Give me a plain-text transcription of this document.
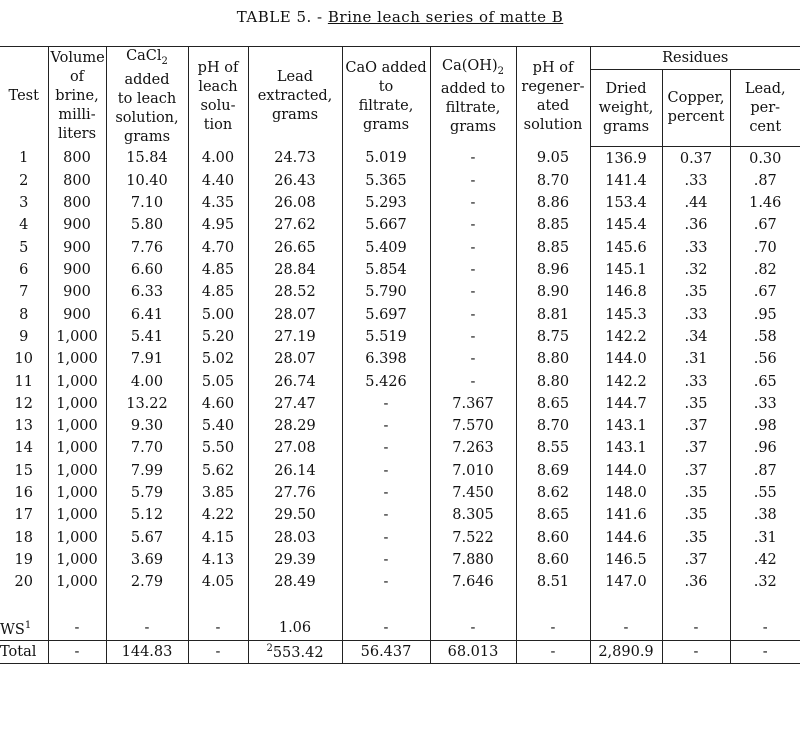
TABLE 5. - Brine leach series of matte B
Test	Volume
of
brine,
milli-
liters	CaCl$_2$
added
to leach
solution,
grams	pH of
leach
solu-
tion	Lead
extracted,
grams	CaO added
to
filtrate,
grams	$Ca(OH)_2$
added to
filtrate,
grams	pH of
regener-
ated
solution	Residues		

								Dried
weight,
grams	Copper,
percent	Lead,
per-
cent

1	800	15.84	4.00	24.73	5.019	-	9.05	136.9	0.37	0.30
2	800	10.40	4.40	26.43	5.365	-	8.70	141.4	.33	.87
3	800	7.10	4.35	26.08	5.293	-	8.86	153.4	.44	1.46
4	900	5.80	4.95	27.62	5.667	-	8.85	145.4	.36	.67
5	900	7.76	4.70	26.65	5.409	-	8.85	145.6	.33	.70
6	900	6.60	4.85	28.84	5.854	-	8.96	145.1	.32	.82
7	900	6.33	4.85	28.52	5.790	-	8.90	146.8	.35	.67
8	900	6.41	5.00	28.07	5.697	-	8.81	145.3	.33	.95
9	1,000	5.41	5.20	27.19	5.519	-	8.75	142.2	.34	.58
10	1,000	7.91	5.02	28.07	6.398	-	8.80	144.0	.31	.56
11	1,000	4.00	5.05	26.74	5.426	-	8.80	142.2	.33	.65
12	1,000	13.22	4.60	27.47	-	7.367	8.65	144.7	.35	.33
13	1,000	9.30	5.40	28.29	-	7.570	8.70	143.1	.37	.98
14	1,000	7.70	5.50	27.08	-	7.263	8.55	143.1	.37	.96
15	1,000	7.99	5.62	26.14	-	7.010	8.69	144.0	.37	.87
16	1,000	5.79	3.85	27.76	-	7.450	8.62	148.0	.35	.55
17	1,000	5.12	4.22	29.50	-	8.305	8.65	141.6	.35	.38
18	1,000	5.67	4.15	28.03	-	7.522	8.60	144.6	.35	.31
19	1,000	3.69	4.13	29.39	-	7.880	8.60	146.5	.37	.42
20	1,000	2.79	4.05	28.49	-	7.646	8.51	147.0	.36	.32

$WS^1$	-	-	-	1.06	-	-	-	-	-	-
Total	-	144.83	-	$^2$553.42	56.437	68.013	-	2,890.9	-	-
